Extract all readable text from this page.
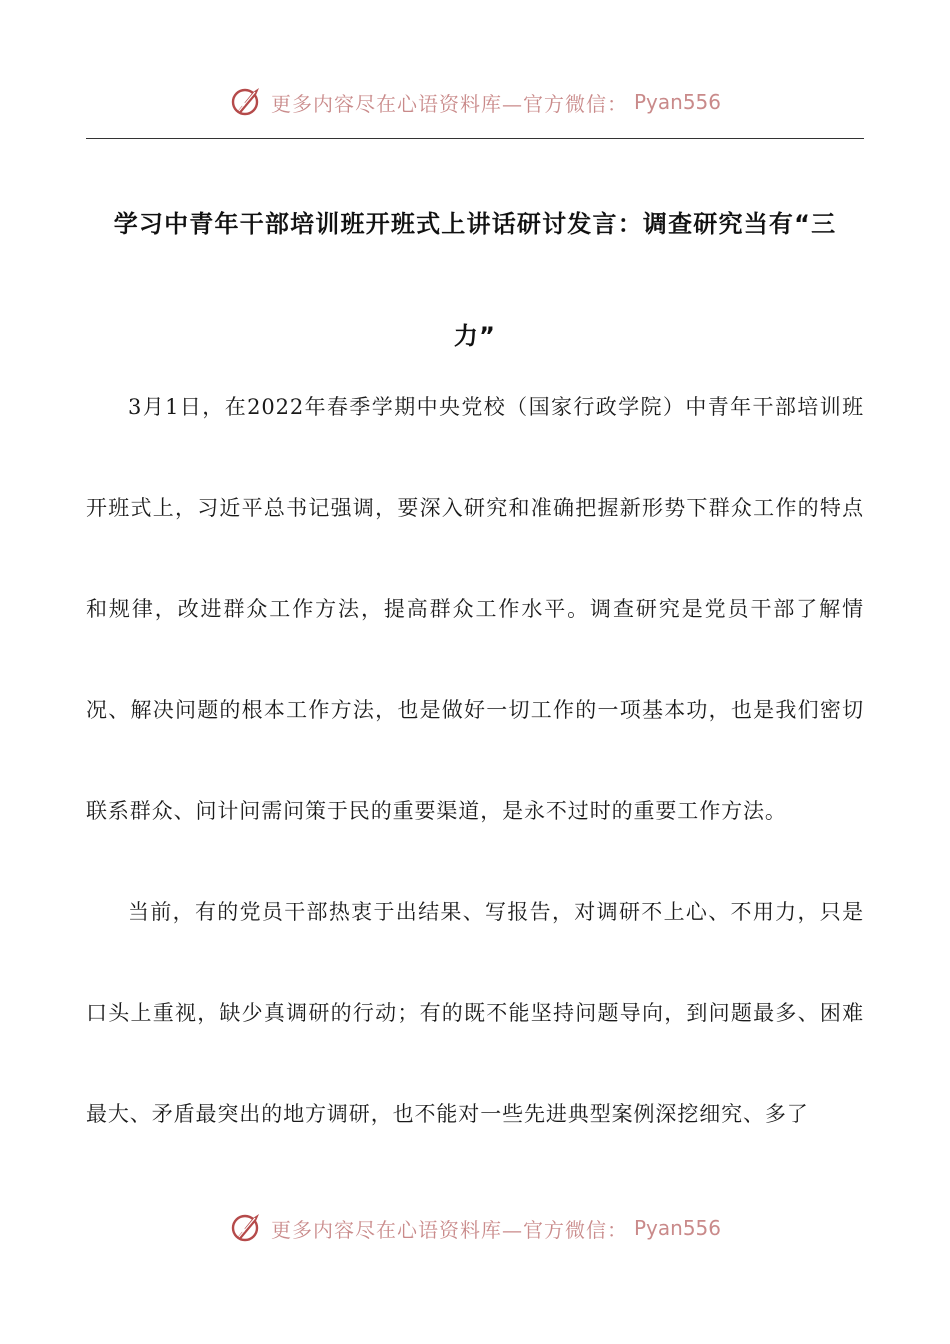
更多内容尽在心语资料库—官方微信： Pyan556
学习中青年干部培训班开班式上讲话研讨发言：调查研究当有“三
力”

3月1日，在2022年春季学期中央党校（国家行政学院）中青年干部培训班开班式上，习近平总书记强调，要深入研究和准确把握新形势下群众工作的特点和规律，改进群众工作方法，提高群众工作水平。调查研究是党员干部了解情况、解决问题的根本工作方法，也是做好一切工作的一项基本功，也是我们密切联系群众、问计问需问策于民的重要渠道，是永不过时的重要工作方法。

当前，有的党员干部热衷于出结果、写报告，对调研不上心、不用力，只是口头上重视，缺少真调研的行动；有的既不能坚持问题导向，到问题最多、困难最大、矛盾最突出的地方调研，也不能对一些先进典型案例深挖细究、多了

更多内容尽在心语资料库—官方微信： Pyan556
